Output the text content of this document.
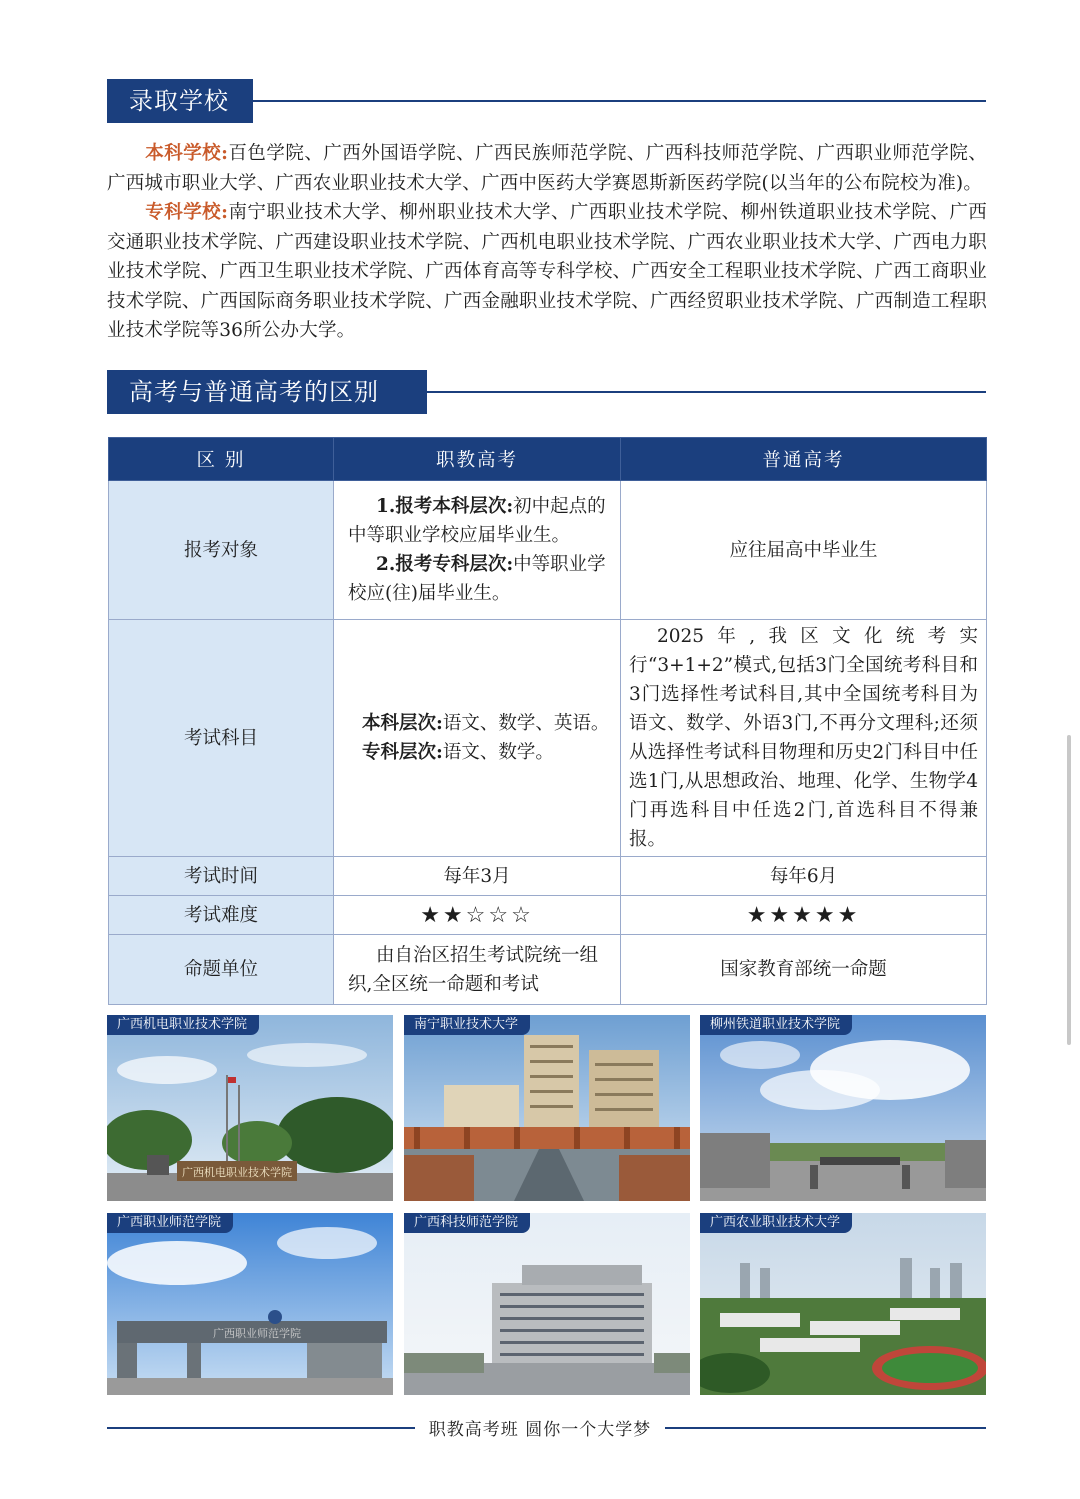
录取学校
本科学校:百色学院、广西外国语学院、广西民族师范学院、广西科技师范学院、广西职业师范学院、广西城市职业大学、广西农业职业技术大学、广西中医药大学赛恩斯新医药学院(以当年的公布院校为准)。
专科学校:南宁职业技术大学、柳州职业技术大学、广西职业技术学院、柳州铁道职业技术学院、广西交通职业技术学院、广西建设职业技术学院、广西机电职业技术学院、广西农业职业技术大学、广西电力职业技术学院、广西卫生职业技术学院、广西体育高等专科学校、广西安全工程职业技术学院、广西工商职业技术学院、广西国际商务职业技术学院、广西金融职业技术学院、广西经贸职业技术学院、广西制造工程职业技术学院等36所公办大学。
高考与普通高考的区别
区 别	职教高考	普通高考
报考对象	1.报考本科层次:初中起点的中等职业学校应届毕业生。
2.报考专科层次:中等职业学校应(往)届毕业生。	应往届高中毕业生
考试科目	本科层次:语文、数学、英语。
专科层次:语文、数学。	2025年,我区文化统考实行“3+1+2”模式,包括3门全国统考科目和3门选择性考试科目,其中全国统考科目为语文、数学、外语3门,不再分文理科;还须从选择性考试科目物理和历史2门科目中任选1门,从思想政治、地理、化学、生物学4门再选科目中任选2门,首选科目不得兼报。
考试时间	每年3月	每年6月
考试难度	★★☆☆☆	★★★★★
命题单位	由自治区招生考试院统一组织,全区统一命题和考试	国家教育部统一命题
广西机电职业技术学院
广西机电职业技术学院	南宁职业技术大学	柳州铁道职业技术学院
广西职业师范学院
广西职业师范学院	广西科技师范学院	广西农业职业技术大学
职教高考班 圆你一个大学梦
